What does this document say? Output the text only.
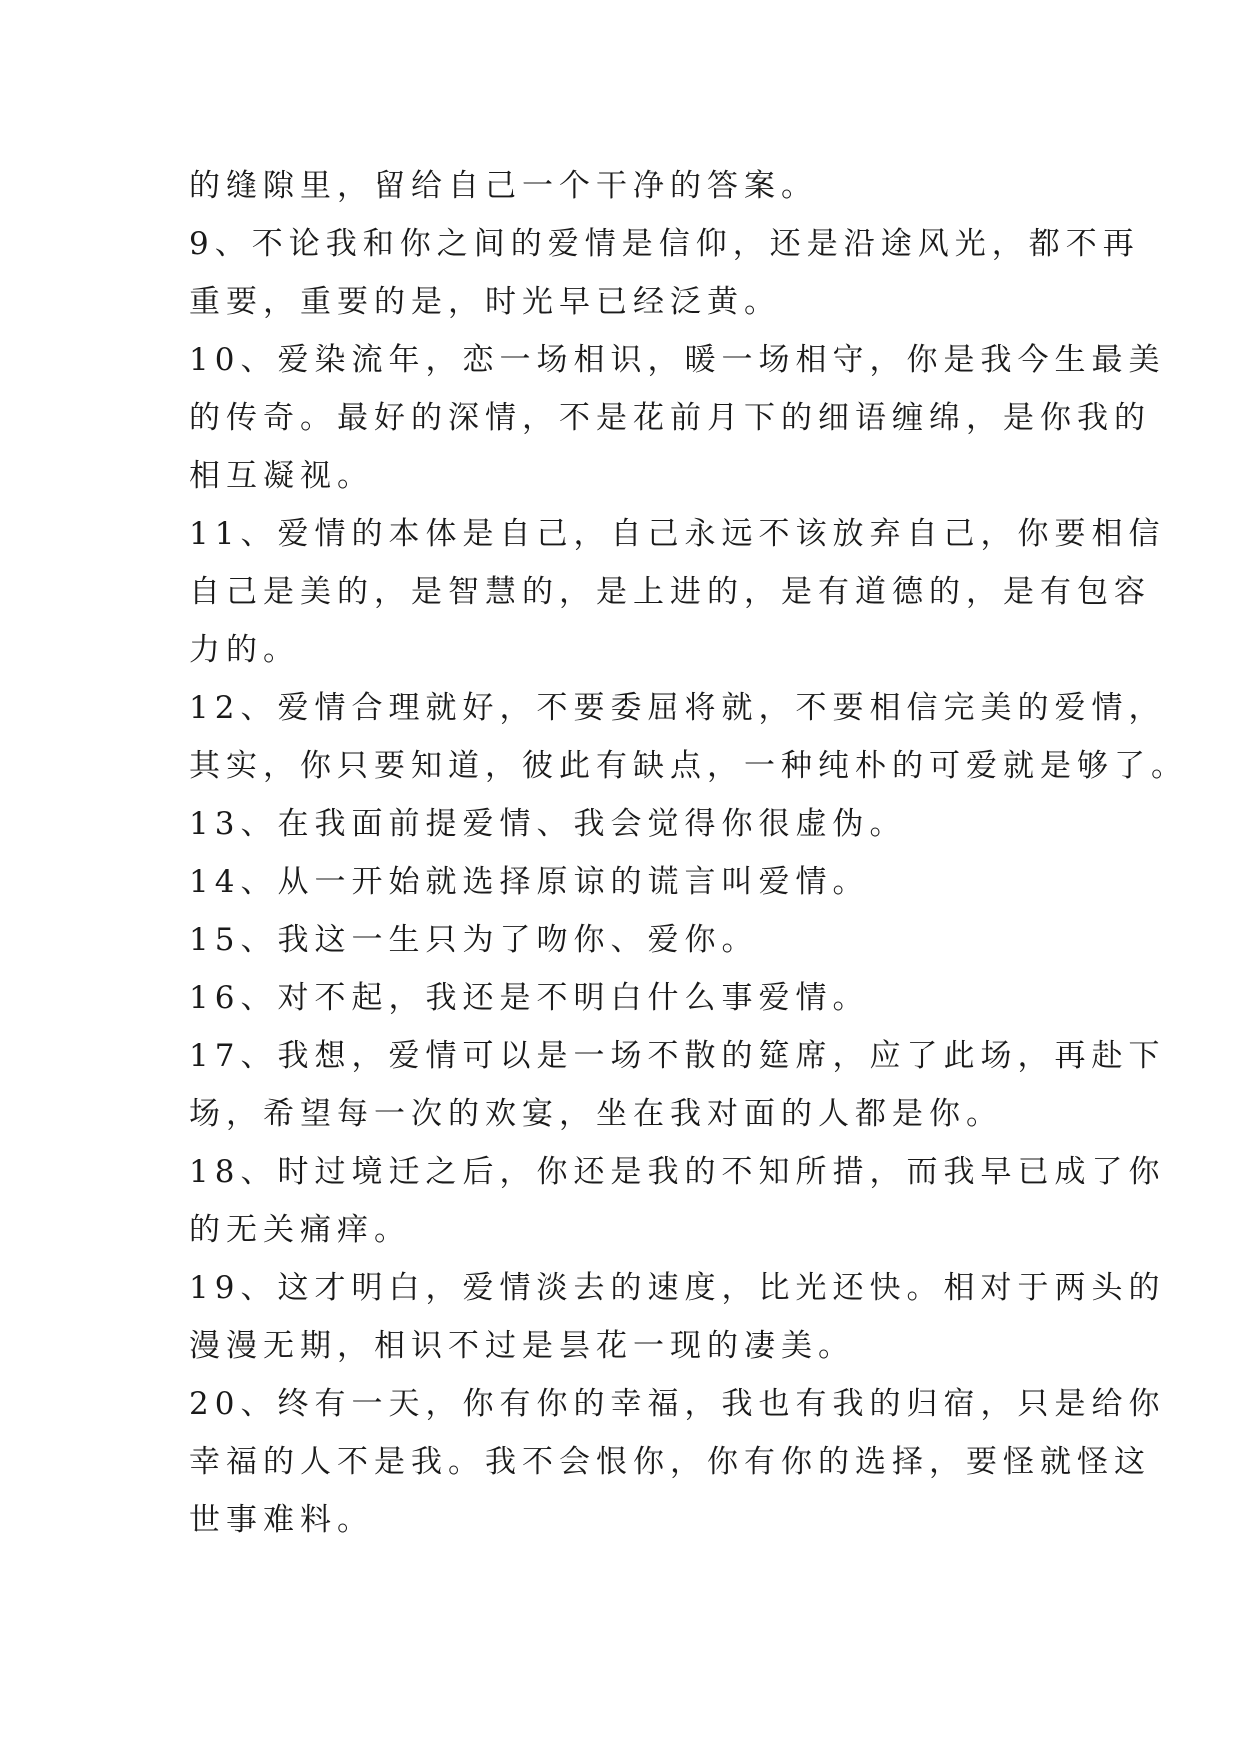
的缝隙里，留给自己一个干净的答案。
9、不论我和你之间的爱情是信仰，还是沿途风光，都不再
重要，重要的是，时光早已经泛黄。
10、爱染流年，恋一场相识，暖一场相守，你是我今生最美
的传奇。最好的深情，不是花前月下的细语缠绵，是你我的
相互凝视。
11、爱情的本体是自己，自己永远不该放弃自己，你要相信
自己是美的，是智慧的，是上进的，是有道德的，是有包容
力的。
12、爱情合理就好，不要委屈将就，不要相信完美的爱情，
其实，你只要知道，彼此有缺点，一种纯朴的可爱就是够了。
13、在我面前提爱情、我会觉得你很虚伪。
14、从一开始就选择原谅的谎言叫爱情。
15、我这一生只为了吻你、爱你。
16、对不起，我还是不明白什么事爱情。
17、我想，爱情可以是一场不散的筵席，应了此场，再赴下
场，希望每一次的欢宴，坐在我对面的人都是你。
18、时过境迁之后，你还是我的不知所措，而我早已成了你
的无关痛痒。
19、这才明白，爱情淡去的速度，比光还快。相对于两头的
漫漫无期，相识不过是昙花一现的凄美。
20、终有一天，你有你的幸福，我也有我的归宿，只是给你
幸福的人不是我。我不会恨你，你有你的选择，要怪就怪这
世事难料。
